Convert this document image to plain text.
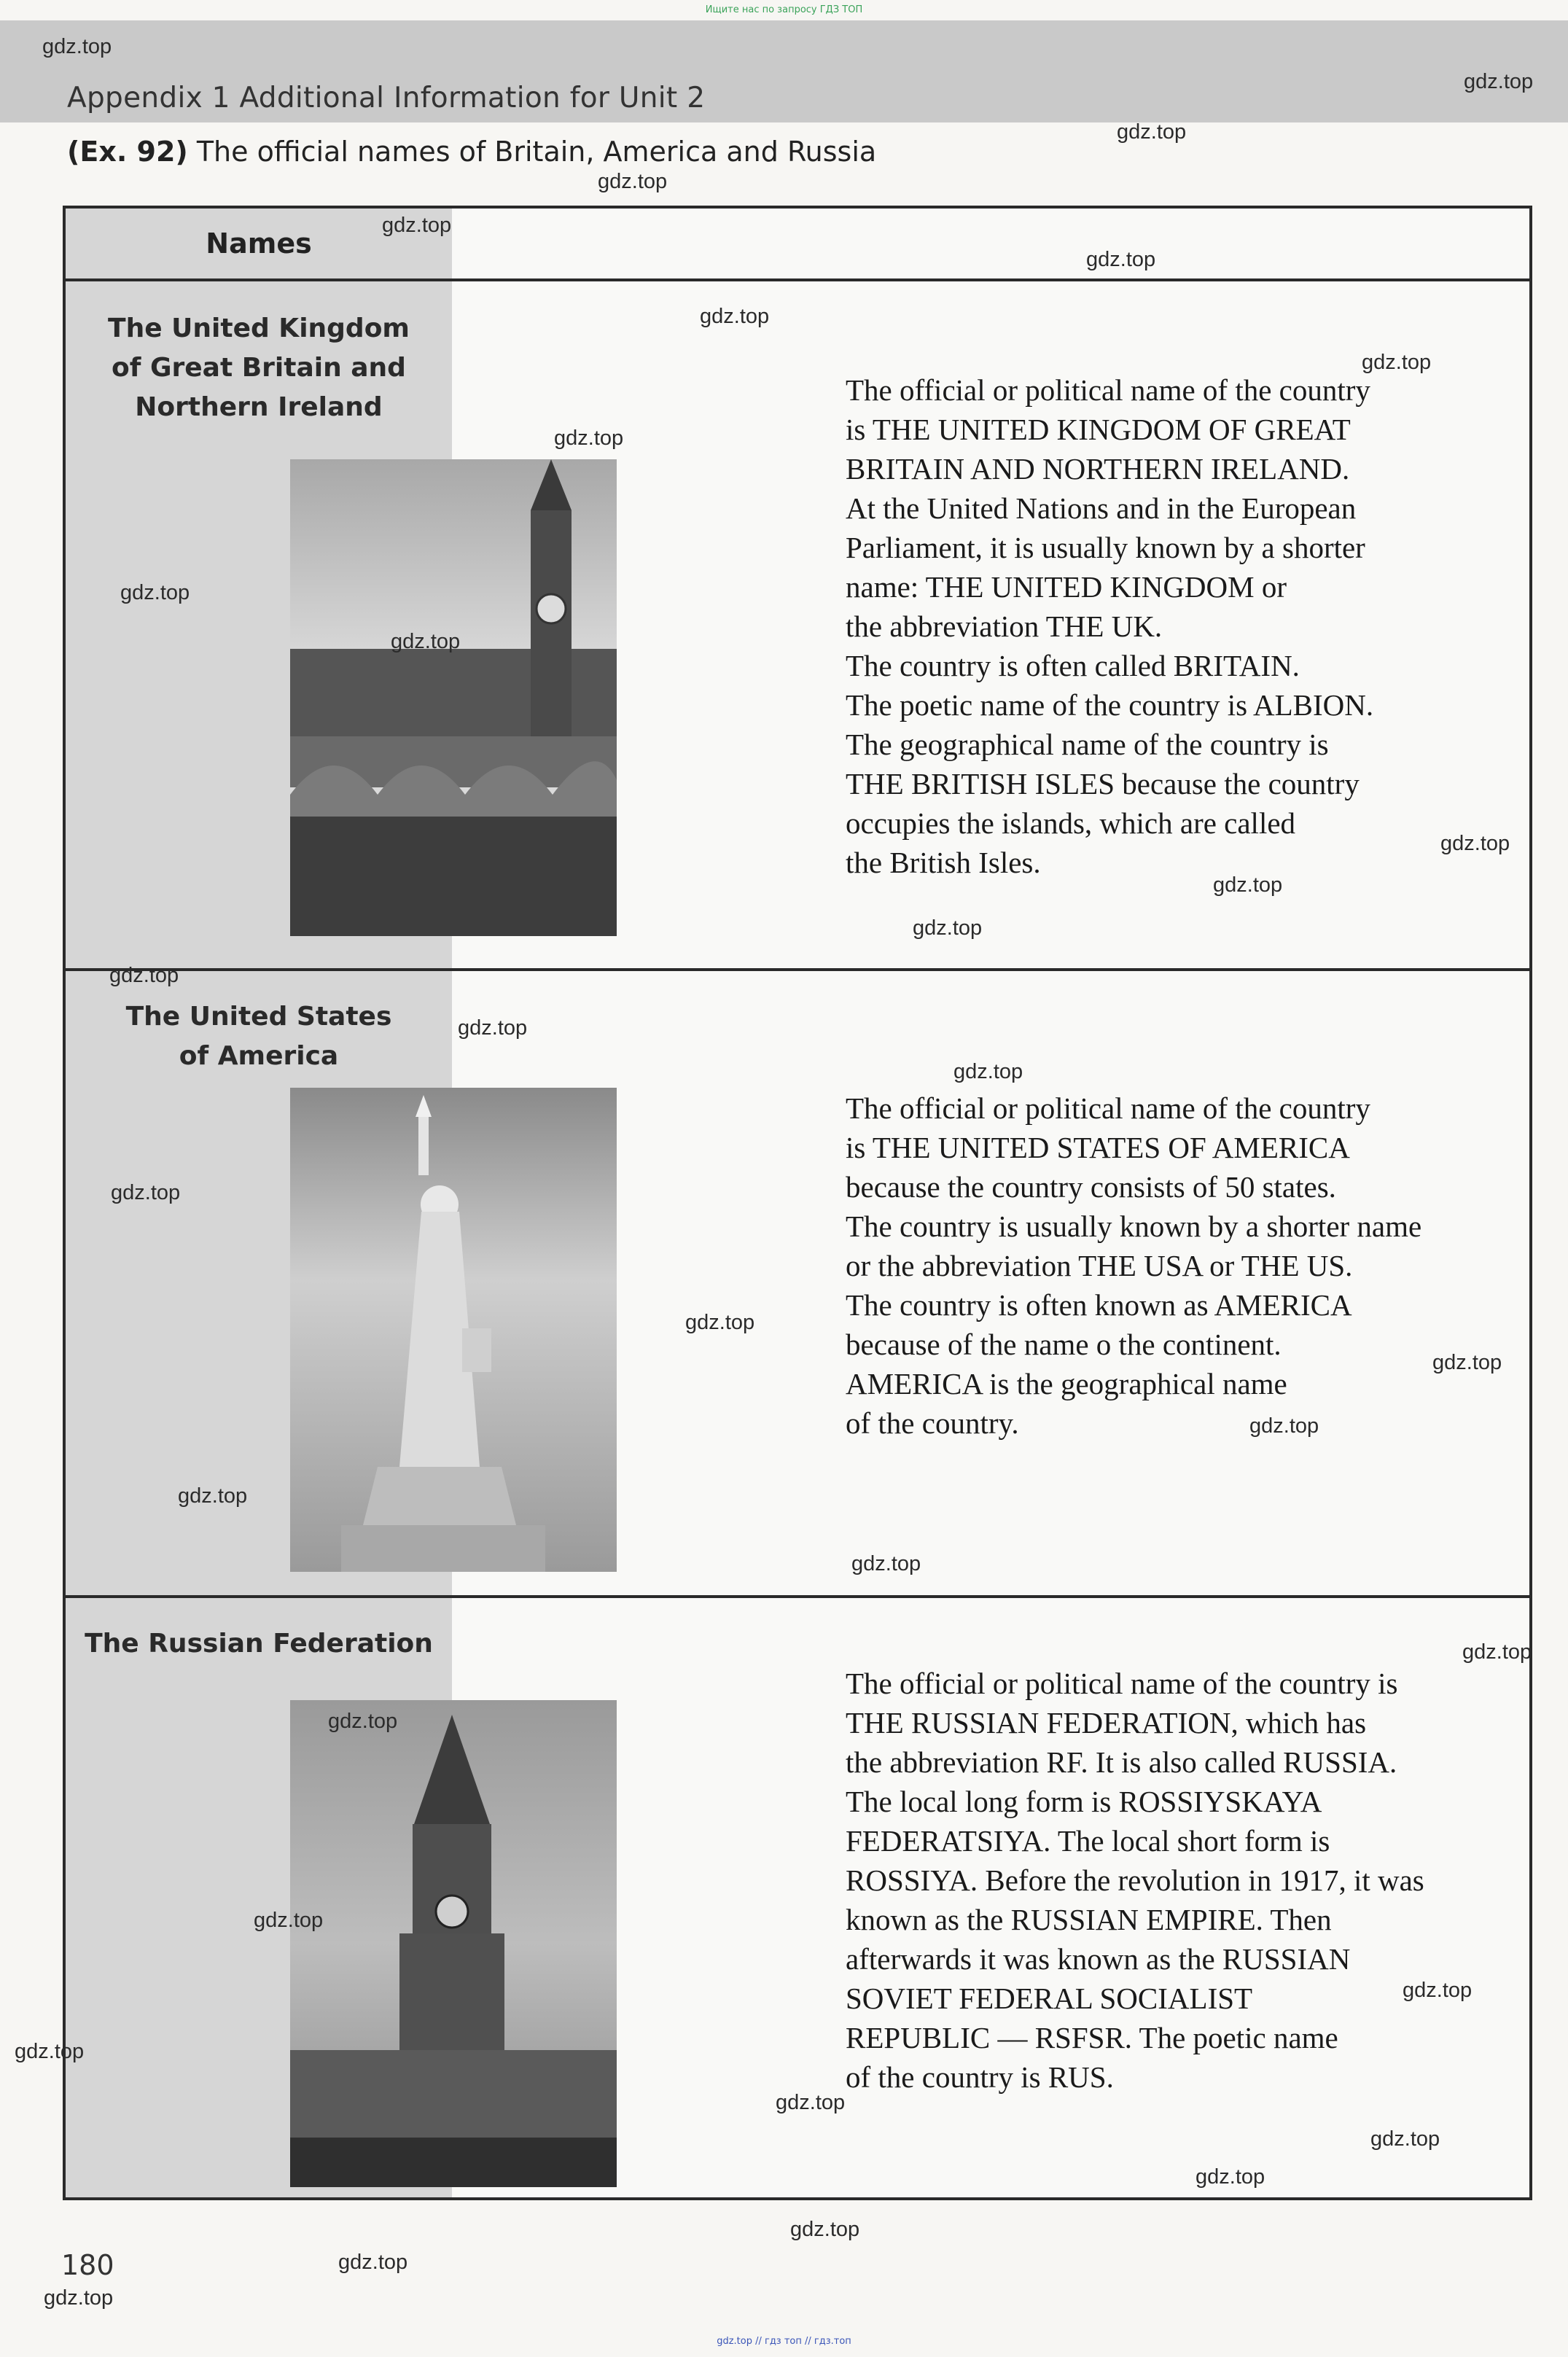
Ищите нас по запросу ГДЗ ТОП
Appendix 1 Additional Information for Unit 2
(Ex. 92) The official names of Britain, America and Russia
Names
The United Kingdom
of Great Britain and
Northern Ireland

The official or political name of the country

is THE UNITED KINGDOM OF GREAT

BRITAIN AND NORTHERN IRELAND.

At the United Nations and in the European

Parliament, it is usually known by a shorter

name: THE UNITED KINGDOM or

the abbreviation THE UK.

The country is often called BRITAIN.

The poetic name of the country is ALBION.

The geographical name of the country is

THE BRITISH ISLES because the country

occupies the islands, which are called

the British Isles.

The United States
of America

The official or political name of the country

is THE UNITED STATES OF AMERICA

because the country consists of 50 states.

The country is usually known by a shorter name

or the abbreviation THE USA or THE US.

The country is often known as AMERICA

because of the name o the continent.

AMERICA is the geographical name

of the country.

The Russian Federation

The official or political name of the country is

THE RUSSIAN FEDERATION, which has

the abbreviation RF. It is also called RUSSIA.

The local long form is ROSSIYSKAYA

FEDERATSIYA. The local short form is

ROSSIYA. Before the revolution in 1917, it was

known as the RUSSIAN EMPIRE. Then

afterwards it was known as the RUSSIAN

SOVIET FEDERAL SOCIALIST

REPUBLIC — RSFSR. The poetic name

of the country is RUS.

180
gdz.top
gdz.top
gdz.top
gdz.top
gdz.top
gdz.top
gdz.top
gdz.top
gdz.top
gdz.top
gdz.top
gdz.top
gdz.top
gdz.top
gdz.top
gdz.top
gdz.top
gdz.top
gdz.top
gdz.top
gdz.top
gdz.top
gdz.top
gdz.top
gdz.top
gdz.top
gdz.top
gdz.top
gdz.top
gdz.top
gdz.top
gdz.top
gdz.top
gdz.top
gdz.top // гдз топ // гдз.топ
